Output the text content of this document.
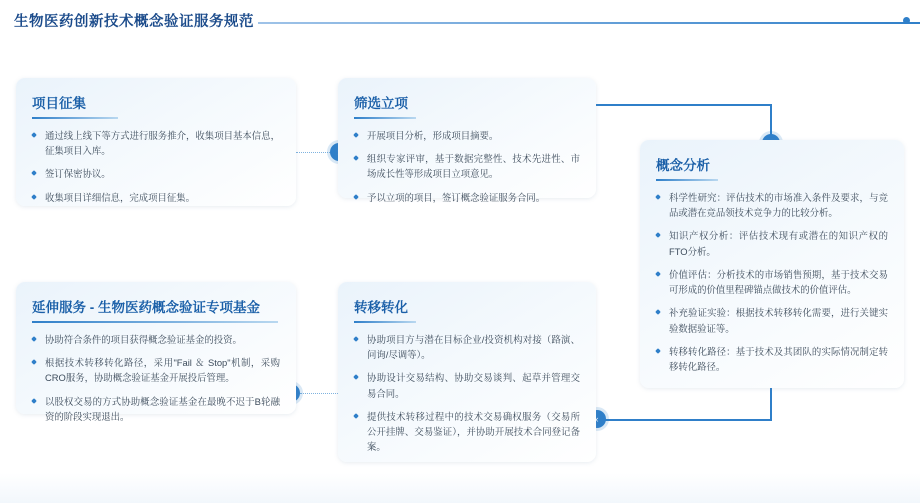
生物医药创新技术概念验证服务规范
‹
项目征集
通过线上线下等方式进行服务推介，收集项目基本信息，征集项目入库。
签订保密协议。
收集项目详细信息，完成项目征集。
筛选立项
开展项目分析，形成项目摘要。
组织专家评审，基于数据完整性、技术先进性、市场成长性等形成项目立项意见。
予以立项的项目，签订概念验证服务合同。
概念分析
科学性研究：评估技术的市场准入条件及要求，与竞品或潜在竞品领技术竞争力的比较分析。
知识产权分析：评估技术现有或潜在的知识产权的FTO分析。
价值评估：分析技术的市场销售预期，基于技术交易可形成的价值里程碑锚点做技术的价值评估。
补充验证实验：根据技术转移转化需要，进行关键实验数据验证等。
转移转化路径：基于技术及其团队的实际情况制定转移转化路径。
转移转化
协助项目方与潜在目标企业/投资机构对接（路演、问询/尽调等）。
协助设计交易结构、协助交易谈判、起草并管理交易合同。
提供技术转移过程中的技术交易确权服务（交易所公开挂牌、交易鉴证），并协助开展技术合同登记备案。
延伸服务 - 生物医药概念验证专项基金
协助符合条件的项目获得概念验证基金的投资。
根据技术转移转化路径，采用"Fail ＆ Stop"机制，采购CRO服务，协助概念验证基金开展投后管理。
以股权交易的方式协助概念验证基金在最晚不迟于B轮融资的阶段实现退出。
